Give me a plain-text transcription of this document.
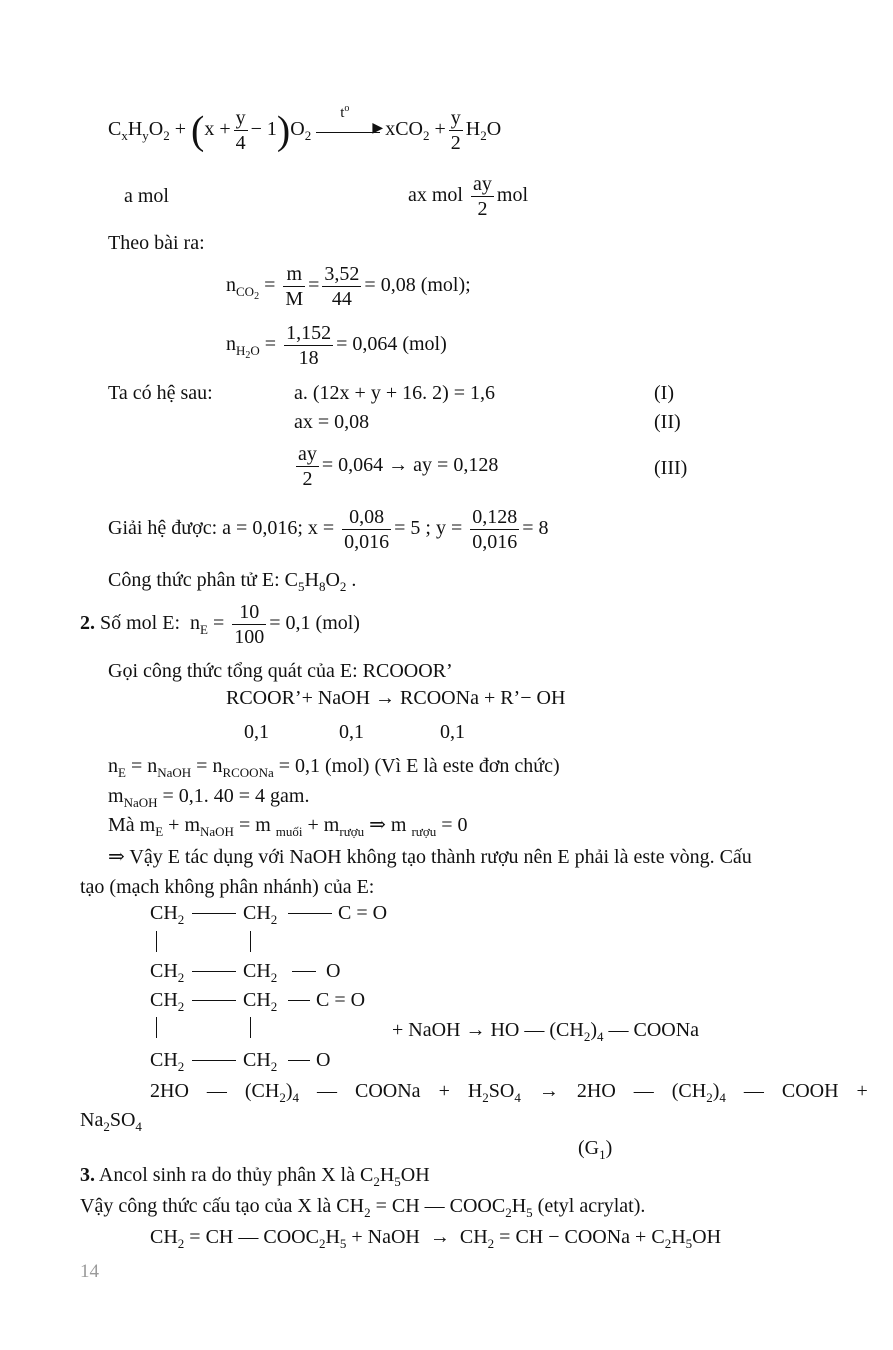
$C_xH_yO_2 + (x + \frac{y}{4} - 1)O_2$
$t^o$
▶ $xCO_2 + \frac{y}{2} H_2O$
a mol	ax mol $\frac{ay}{2}$ mol
Theo bài ra:
$n_{CO_2} = \frac{m}{M} = \frac{3,52}{44} = 0,08$ (mol);
$n_{H_2O} = \frac{1,152}{18} = 0,064$ (mol)
Ta có hệ sau:	a. (12x + y + 16. 2) = 1,6	(I)
ax = 0,08	(II)
$\frac{ay}{2} = 0,064$ → ay = 0,128	(III)
Giải hệ được: a = 0,016; $x = \frac{0,08}{0,016} = 5$ ; $y = \frac{0,128}{0,016} = 8$
Công thức phân tử E: $C_5H_8O_2$ .
2. Số mol E:  $n_E = \frac{10}{100} = 0,1$ (mol)
Gọi công thức tổng quát của E: RCOOOR’
RCOOR’+ NaOH → RCOONa + R’− OH
0,1	0,1	0,1
$n_E = n_{NaOH} = n_{RCOONa} = 0,1$ (mol) (Vì E là este đơn chức)
$m_{NaOH} = 0,1$. 40 = 4 gam.
Mà $m_E + m_{NaOH} = m$ $_{muối} + m_{rượu}$ ⇒ m $_{rượu}$ = 0
⇒ Vậy E tác dụng với NaOH không tạo thành rượu nên E phải là este vòng. Cấu
tạo (mạch không phân nhánh) của E:
$CH_2$	$CH_2$	C = O
$CH_2$	$CH_2$ O
$CH_2$	$CH_2$ C = O
+ NaOH → HO — $(CH_2)_4$ — COONa
$CH_2$	$CH_2$ O
2HO  —  $(CH_2)_4$  —  COONa  +  $H_2SO_4 \to 2HO$  —  $(CH_2)_4$  —  COOH  +
$Na_2SO_4$
$(G_1)$
3. Ancol sinh ra do thủy phân X là $C_2H_5OH$
Vậy công thức cấu tạo của X là $CH_2$ = CH — $COOC_2H_5$ (etyl acrylat).
$CH_2$ = CH — $COOC_2H_5$ + NaOH  →  $CH_2$ = CH − COONa + $C_2H_5OH$
14
